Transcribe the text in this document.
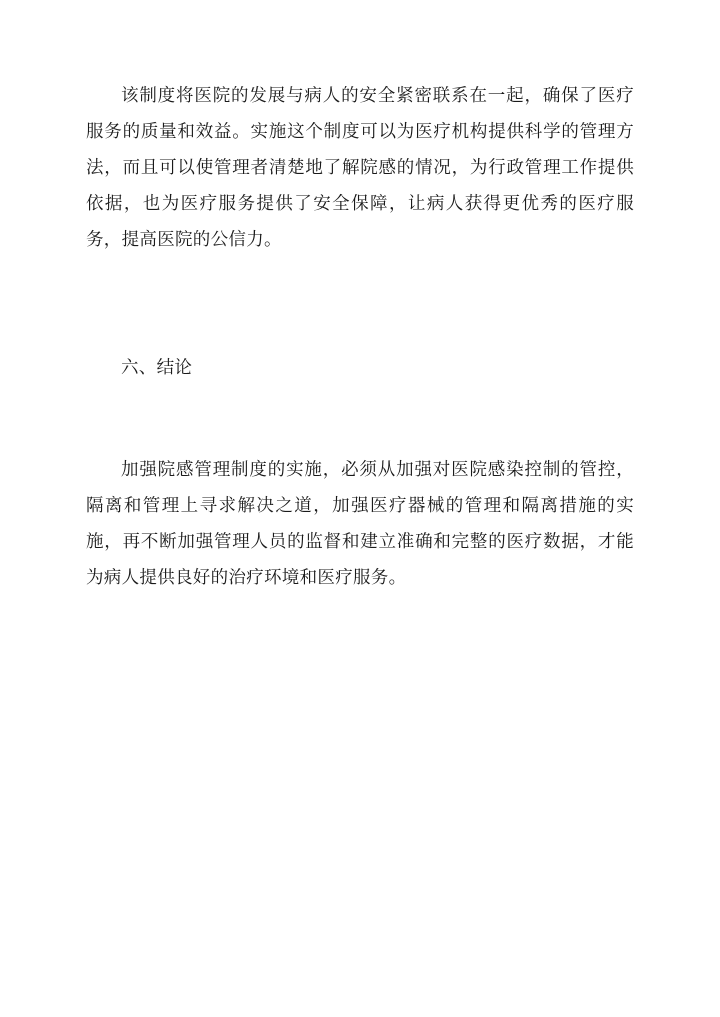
该制度将医院的发展与病人的安全紧密联系在一起，确保了医疗服务的质量和效益。实施这个制度可以为医疗机构提供科学的管理方法，而且可以使管理者清楚地了解院感的情况，为行政管理工作提供依据，也为医疗服务提供了安全保障，让病人获得更优秀的医疗服务，提高医院的公信力。

六、结论

加强院感管理制度的实施，必须从加强对医院感染控制的管控，隔离和管理上寻求解决之道，加强医疗器械的管理和隔离措施的实施，再不断加强管理人员的监督和建立准确和完整的医疗数据，才能为病人提供良好的治疗环境和医疗服务。
